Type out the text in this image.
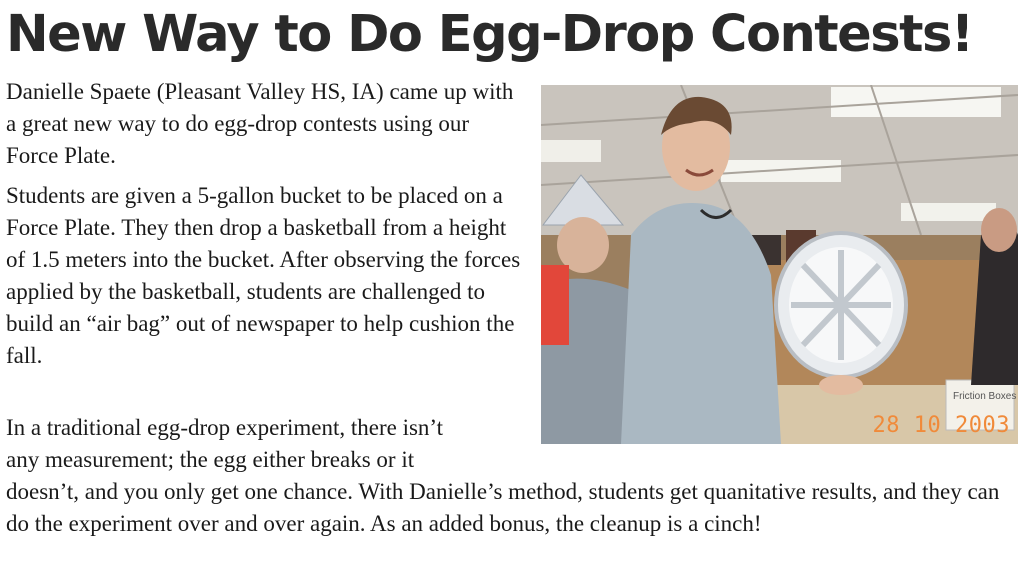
New Way to Do Egg-Drop Contests!

Danielle Spaete (Pleasant Valley HS, IA) came up with a great new way to do egg-drop contests using our Force Plate.

Students are given a 5-gallon bucket to be placed on a Force Plate. They then drop a basketball from a height of 1.5 meters into the bucket. After observing the forces applied by the basketball, students are challenged to build an “air bag” out of newspaper to help cushion the fall.

In a traditional egg-drop experiment, there isn’t any measurement; the egg either breaks or it doesn’t, and you only get one chance. With Danielle’s method, students get quanitative results, and they can do the experiment over and over again. As an added bonus, the cleanup is a cinch!

Friction Boxes
28 10 2003
